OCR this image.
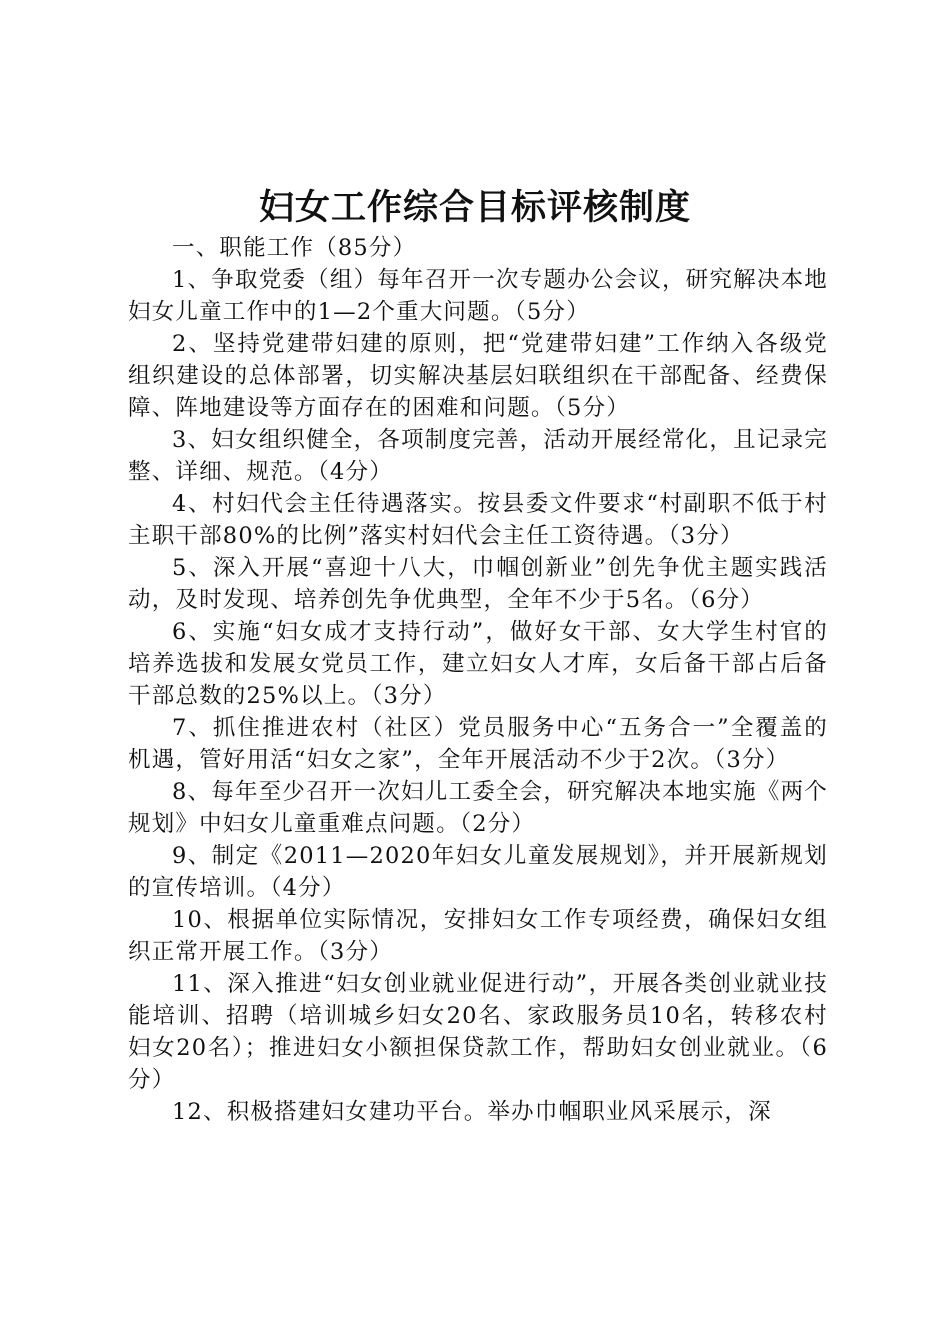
妇女工作综合目标评核制度

一、职能工作（85分）

1、争取党委（组）每年召开一次专题办公会议，研究解决本地妇女儿童工作中的1—2个重大问题。（5分）

2、坚持党建带妇建的原则，把“党建带妇建”工作纳入各级党组织建设的总体部署，切实解决基层妇联组织在干部配备、经费保障、阵地建设等方面存在的困难和问题。（5分）

3、妇女组织健全，各项制度完善，活动开展经常化，且记录完整、详细、规范。（4分）

4、村妇代会主任待遇落实。按县委文件要求“村副职不低于村主职干部80%的比例”落实村妇代会主任工资待遇。（3分）

5、深入开展“喜迎十八大，巾帼创新业”创先争优主题实践活动，及时发现、培养创先争优典型，全年不少于5名。（6分）

6、实施“妇女成才支持行动”，做好女干部、女大学生村官的培养选拔和发展女党员工作，建立妇女人才库，女后备干部占后备干部总数的25%以上。（3分）

7、抓住推进农村（社区）党员服务中心“五务合一”全覆盖的机遇，管好用活“妇女之家”，全年开展活动不少于2次。（3分）

8、每年至少召开一次妇儿工委全会，研究解决本地实施《两个规划》中妇女儿童重难点问题。（2分）

9、制定《2011—2020年妇女儿童发展规划》，并开展新规划的宣传培训。（4分）

10、根据单位实际情况，安排妇女工作专项经费，确保妇女组织正常开展工作。（3分）

11、深入推进“妇女创业就业促进行动”，开展各类创业就业技能培训、招聘（培训城乡妇女20名、家政服务员10名，转移农村妇女20名）；推进妇女小额担保贷款工作，帮助妇女创业就业。（6分）

12、积极搭建妇女建功平台。举办巾帼职业风采展示，深
